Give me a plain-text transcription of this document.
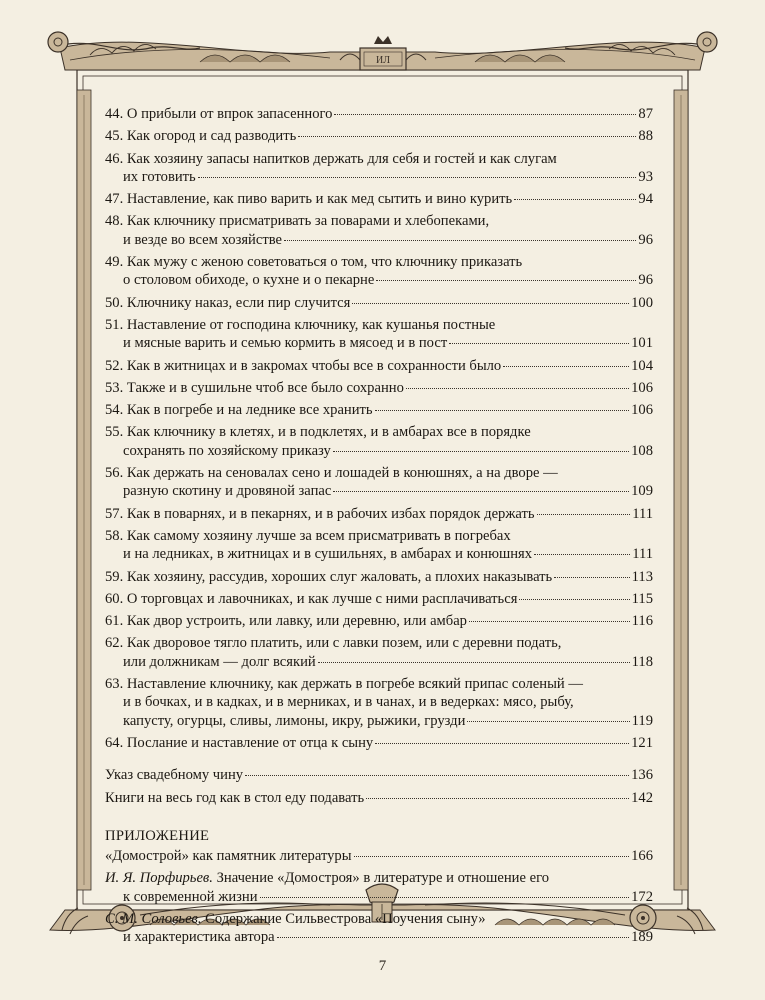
ИЛ
44. О прибыли от впрок запасенного	87
45. Как огород и сад разводить	88
46. Как хозяину запасы напитков держать для себя и гостей и как слугам
их готовить	93
47. Наставление, как пиво варить и как мед сытить и вино курить	94
48. Как ключнику присматривать за поварами и хлебопеками,
и везде во всем хозяйстве	96
49. Как мужу с женою советоваться о том, что ключнику приказать
о столовом обиходе, о кухне и о пекарне	96
50. Ключнику наказ, если пир случится	100
51. Наставление от господина ключнику, как кушанья постные
и мясные варить и семью кормить в мясоед и в пост	101
52. Как в житницах и в закромах чтобы все в сохранности было	104
53. Также и в сушильне чтоб все было сохранно	106
54. Как в погребе и на леднике все хранить	106
55. Как ключнику в клетях, и в подклетях, и в амбарах все в порядке
сохранять по хозяйскому приказу	108
56. Как держать на сеновалах сено и лошадей в конюшнях, а на дворе —
разную скотину и дровяной запас	109
57. Как в поварнях, и в пекарнях, и в рабочих избах порядок держать	111
58. Как самому хозяину лучше за всем присматривать в погребах
и на ледниках, в житницах и в сушильнях, в амбарах и конюшнях	111
59. Как хозяину, рассудив, хороших слуг жаловать, а плохих наказывать	113
60. О торговцах и лавочниках, и как лучше с ними расплачиваться	115
61. Как двор устроить, или лавку, или деревню, или амбар	116
62. Как дворовое тягло платить, или с лавки позем, или с деревни подать,
или должникам — долг всякий	118
63. Наставление ключнику, как держать в погребе всякий припас соленый —
и в бочках, и в кадках, и в мерниках, и в чанах, и в ведерках: мясо, рыбу,
капусту, огурцы, сливы, лимоны, икру, рыжики, грузди	119
64. Послание и наставление от отца к сыну	121
Указ свадебному чину	136
Книги на весь год как в стол еду подавать	142
ПРИЛОЖЕНИЕ
«Домострой» как памятник литературы	166
И. Я. Порфирьев. Значение «Домостроя» в литературе и отношение его
к современной жизни	172
С. М. Соловьев. Содержание Сильвестрова «Поучения сыну»
и характеристика автора	189
7
